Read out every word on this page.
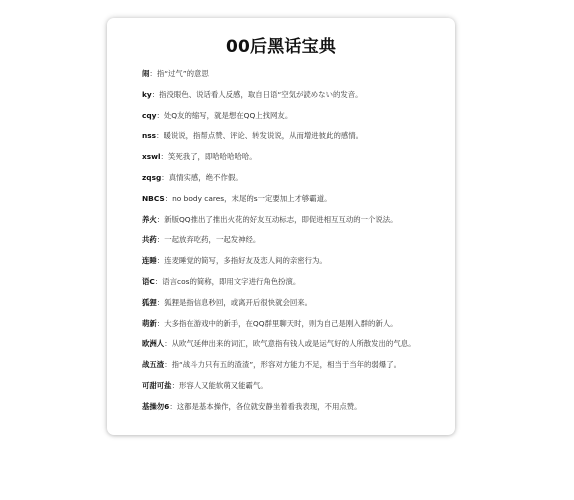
00后黑话宝典
闹：指“过气”的意思
ky：指没眼色、说话看人反感，取自日语“空気が読めない的发音。
cqy：处Q友的缩写，就是想在QQ上找网友。
nss：暖说说，指帮点赞、评论、转发说说，从而增进彼此的感情。
xswl：笑死我了，即哈哈哈哈哈。
zqsg：真情实感，绝不作假。
NBCS：no body cares，末尾的s一定要加上才够霸道。
养火：新版QQ推出了推出火花的好友互动标志，即促进相互互动的一个说法。
共药：一起放弃吃药，一起发神经。
连睡：连麦睡觉的简写，多指好友及恋人间的亲密行为。
语C：语言cos的简称，即用文字进行角色扮演。
狐狸：狐狸是指信息秒回，或离开后很快就会回来。
萌新：大多指在游戏中的新手，在QQ群里聊天时，则为自己是刚入群的新人。
欧洲人：从欧气延伸出来的词汇，欧气意指有钱人或是运气好的人所散发出的气息。
战五渣：指“战斗力只有五的渣渣”，形容对方能力不足，相当于当年的弱爆了。
可甜可盐：形容人又能软萌又能霸气。
基操勿6：这都是基本操作，各位就安静坐着看我表现，不用点赞。
